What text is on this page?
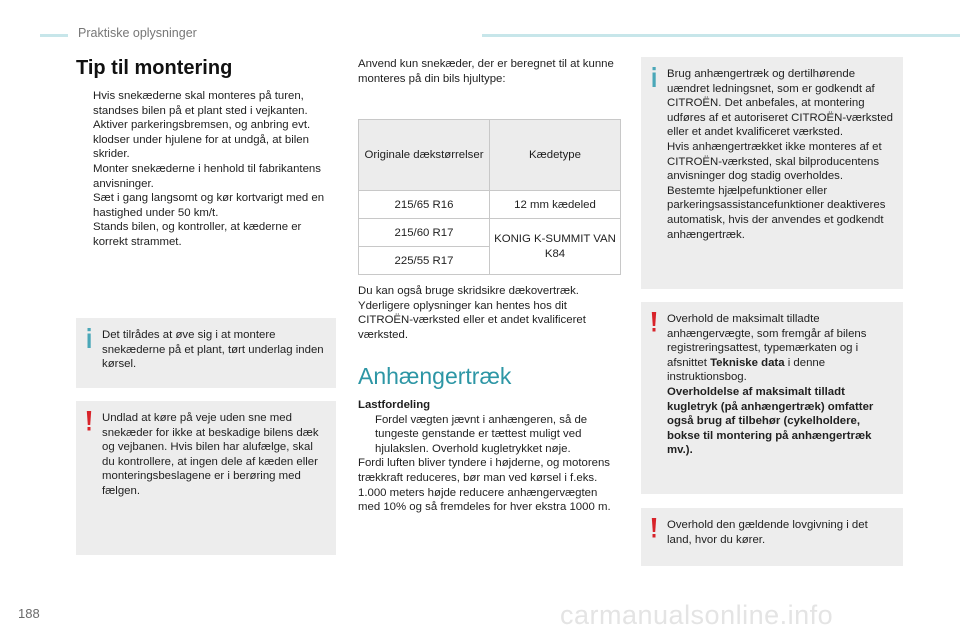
Praktiske oplysninger
Tip til montering
Hvis snekæderne skal monteres på turen, standses bilen på et plant sted i vejkanten.
Aktiver parkeringsbremsen, og anbring evt. klodser under hjulene for at undgå, at bilen skrider.
Monter snekæderne i henhold til fabrikantens anvisninger.
Sæt i gang langsomt og kør kortvarigt med en hastighed under 50 km/t.
Stands bilen, og kontroller, at kæderne er korrekt strammet.
Det tilrådes at øve sig i at montere snekæderne på et plant, tørt underlag inden kørsel.
Undlad at køre på veje uden sne med snekæder for ikke at beskadige bilens dæk og vejbanen. Hvis bilen har alufælge, skal du kontrollere, at ingen dele af kæden eller monteringsbeslagene er i berøring med fælgen.
Anvend kun snekæder, der er beregnet til at kunne monteres på din bils hjultype:
Originale dækstørrelser	Kædetype
215/65 R16	12 mm kædeled
215/60 R17	KONIG K-SUMMIT VAN K84
225/55 R17	
Du kan også bruge skridsikre dækovertræk. Yderligere oplysninger kan hentes hos dit CITROËN-værksted eller et andet kvalificeret værksted.
Anhængertræk
Lastfordeling
Fordel vægten jævnt i anhængeren, så de tungeste genstande er tættest muligt ved hjulakslen. Overhold kugletrykket nøje.
Fordi luften bliver tyndere i højderne, og motorens trækkraft reduceres, bør man ved kørsel i f.eks. 1.000 meters højde reducere anhængervægten med 10% og så fremdeles for hver ekstra 1000 m.
Brug anhængertræk og dertilhørende uændret ledningsnet, som er godkendt af CITROËN. Det anbefales, at montering udføres af et autoriseret CITROËN-værksted eller et andet kvalificeret værksted.
Hvis anhængertrækket ikke monteres af et CITROËN-værksted, skal bilproducentens anvisninger dog stadig overholdes. Bestemte hjælpefunktioner eller parkeringsassistancefunktioner deaktiveres automatisk, hvis der anvendes et godkendt anhængertræk.
Overhold de maksimalt tilladte anhængervægte, som fremgår af bilens registreringsattest, typemærkaten og i afsnittet Tekniske data i denne instruktionsbog.
Overholdelse af maksimalt tilladt kugletryk (på anhængertræk) omfatter også brug af tilbehør (cykelholdere, bokse til montering på anhængertræk mv.).
Overhold den gældende lovgivning i det land, hvor du kører.
188	carmanualsonline.info
